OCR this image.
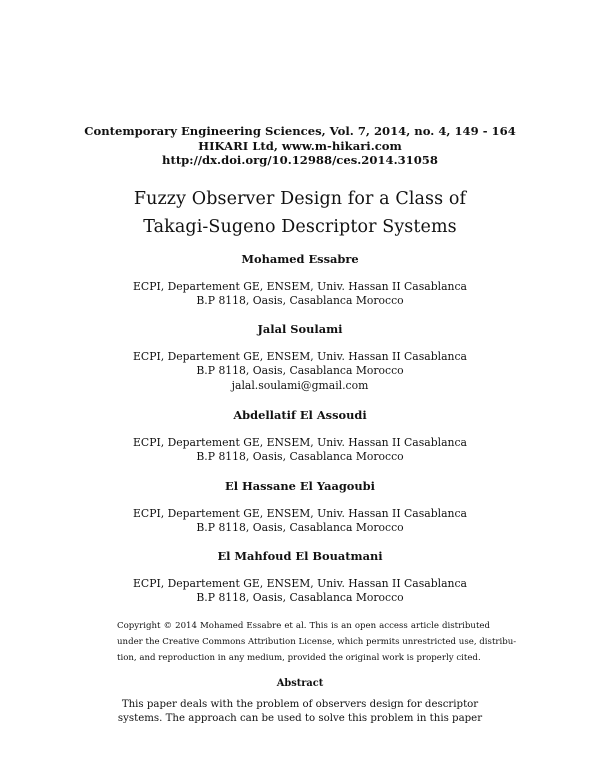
Contemporary Engineering Sciences, Vol. 7, 2014, no. 4, 149 - 164
HIKARI Ltd, www.m-hikari.com
http://dx.doi.org/10.12988/ces.2014.31058
Fuzzy Observer Design for a Class of
Takagi-Sugeno Descriptor Systems
Mohamed Essabre
ECPI, Departement GE, ENSEM, Univ. Hassan II Casablanca
B.P 8118, Oasis, Casablanca Morocco
Jalal Soulami
ECPI, Departement GE, ENSEM, Univ. Hassan II Casablanca
B.P 8118, Oasis, Casablanca Morocco
jalal.soulami@gmail.com
Abdellatif El Assoudi
ECPI, Departement GE, ENSEM, Univ. Hassan II Casablanca
B.P 8118, Oasis, Casablanca Morocco
El Hassane El Yaagoubi
ECPI, Departement GE, ENSEM, Univ. Hassan II Casablanca
B.P 8118, Oasis, Casablanca Morocco
El Mahfoud El Bouatmani
ECPI, Departement GE, ENSEM, Univ. Hassan II Casablanca
B.P 8118, Oasis, Casablanca Morocco
Copyright © 2014 Mohamed Essabre et al. This is an open access article distributed
under the Creative Commons Attribution License, which permits unrestricted use, distribu-
tion, and reproduction in any medium, provided the original work is properly cited.
Abstract
This paper deals with the problem of observers design for descriptor
systems. The approach can be used to solve this problem in this paper
